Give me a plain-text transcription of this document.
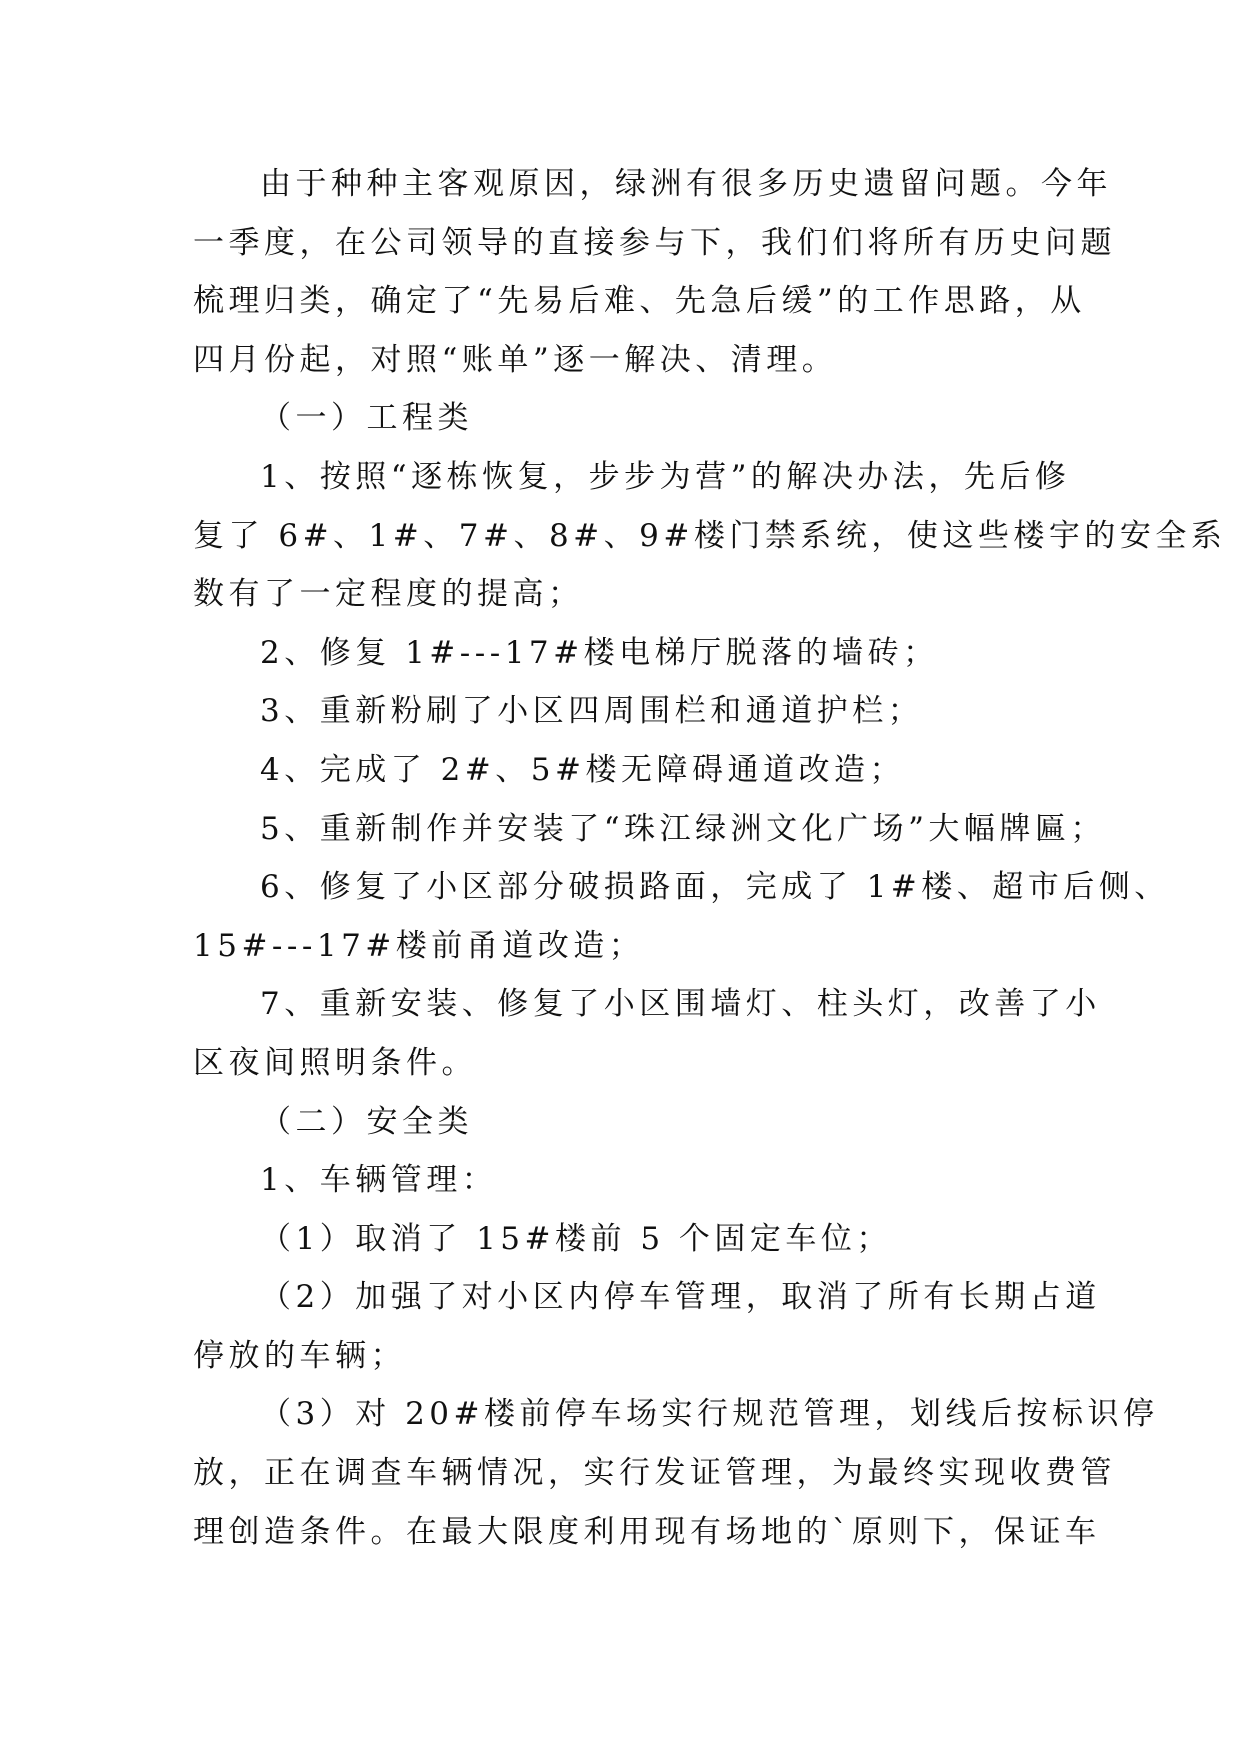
由于种种主客观原因，绿洲有很多历史遗留问题。今年
一季度，在公司领导的直接参与下，我们们将所有历史问题
梳理归类，确定了“先易后难、先急后缓”的工作思路，从
四月份起，对照“账单”逐一解决、清理。
（一）工程类
1、按照“逐栋恢复，步步为营”的解决办法，先后修
复了 6#、1#、7#、8#、9#楼门禁系统，使这些楼宇的安全系
数有了一定程度的提高；
2、修复 1#---17#楼电梯厅脱落的墙砖；
3、重新粉刷了小区四周围栏和通道护栏；
4、完成了 2#、5#楼无障碍通道改造；
5、重新制作并安装了“珠江绿洲文化广场”大幅牌匾；
6、修复了小区部分破损路面，完成了 1#楼、超市后侧、
15#---17#楼前甬道改造；
7、重新安装、修复了小区围墙灯、柱头灯，改善了小
区夜间照明条件。
（二）安全类
1、车辆管理：
（1）取消了 15#楼前 5 个固定车位；
（2）加强了对小区内停车管理，取消了所有长期占道
停放的车辆；
（3）对 20#楼前停车场实行规范管理，划线后按标识停
放，正在调查车辆情况，实行发证管理，为最终实现收费管
理创造条件。在最大限度利用现有场地的`原则下，保证车
